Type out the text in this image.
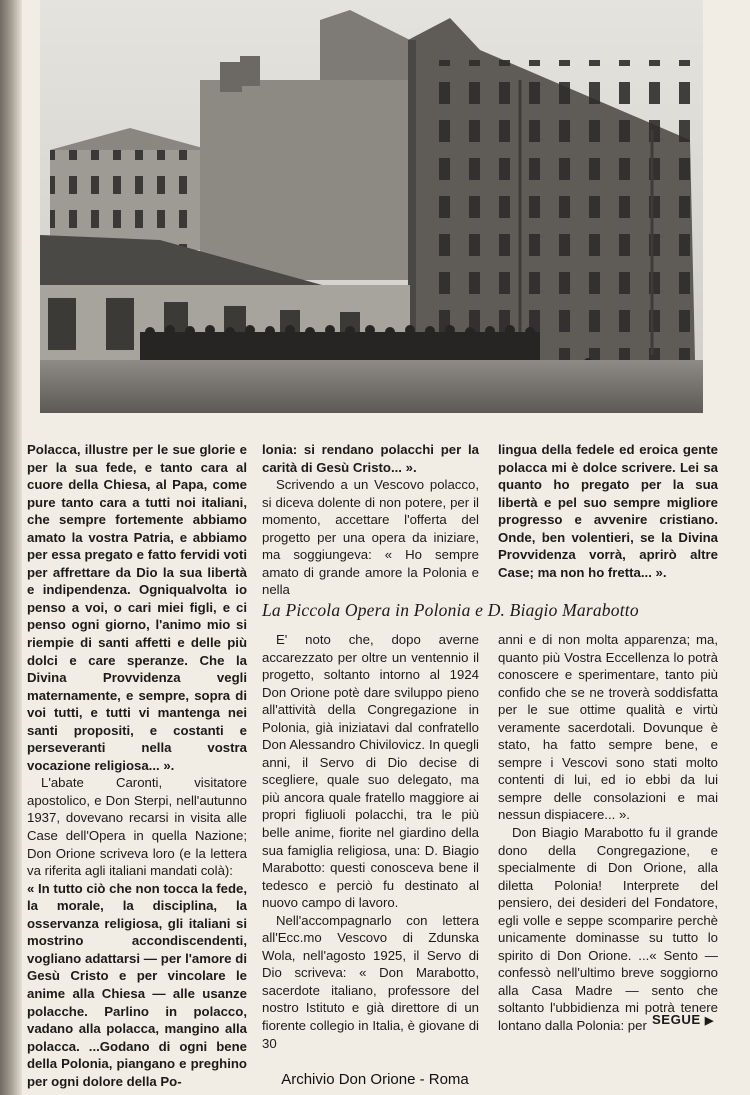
Polacca, illustre per le sue glorie e per la sua fede, e tanto cara al cuore della Chiesa, al Papa, come pure tanto cara a tutti noi italiani, che sempre fortemente abbiamo amato la vostra Patria, e abbiamo per essa pregato e fatto fervidi voti per affrettare da Dio la sua libertà e indipendenza. Ogniqualvolta io penso a voi, o cari miei figli, e ci penso ogni giorno, l'animo mio si riempie di santi affetti e delle più dolci e care speranze. Che la Divina Provvidenza vegli maternamente, e sempre, sopra di voi tutti, e tutti vi mantenga nei santi propositi, e costanti e perseveranti nella vostra vocazione religiosa... ».

L'abate Caronti, visitatore apostolico, e Don Sterpi, nell'autunno 1937, dovevano recarsi in visita alle Case dell'Opera in quella Nazione; Don Orione scriveva loro (e la lettera va riferita agli italiani mandati colà):

« In tutto ciò che non tocca la fede, la morale, la disciplina, la osservanza religiosa, gli italiani si mostrino accondiscendenti, vogliano adattarsi — per l'amore di Gesù Cristo e per vincolare le anime alla Chiesa — alle usanze polacche. Parlino in polacco, vadano alla polacca, mangino alla polacca. ...Godano di ogni bene della Polonia, piangano e preghino per ogni dolore della Po-

lonia: si rendano polacchi per la carità di Gesù Cristo... ».

Scrivendo a un Vescovo polacco, si diceva dolente di non potere, per il momento, accettare l'offerta del progetto per una opera da iniziare, ma soggiungeva: « Ho sempre amato di grande amore la Polonia e nella

lingua della fedele ed eroica gente polacca mi è dolce scrivere. Lei sa quanto ho pregato per la sua libertà e pel suo sempre migliore progresso e avvenire cristiano. Onde, ben volentieri, se la Divina Provvidenza vorrà, aprirò altre Case; ma non ho fretta... ».

La Piccola Opera in Polonia e D. Biagio Marabotto

E' noto che, dopo averne accarezzato per oltre un ventennio il progetto, soltanto intorno al 1924 Don Orione potè dare sviluppo pieno all'attività della Congregazione in Polonia, già iniziatavi dal confratello Don Alessandro Chivilovicz. In quegli anni, il Servo di Dio decise di scegliere, quale suo delegato, ma più ancora quale fratello maggiore ai propri figliuoli polacchi, tra le più belle anime, fiorite nel giardino della sua famiglia religiosa, una: D. Biagio Marabotto: questi conosceva bene il tedesco e perciò fu destinato al nuovo campo di lavoro.

Nell'accompagnarlo con lettera all'Ecc.mo Vescovo di Zdunska Wola, nell'agosto 1925, il Servo di Dio scriveva: « Don Marabotto, sacerdote italiano, professore del nostro Istituto e già direttore di un fiorente collegio in Italia, è giovane di 30

anni e di non molta apparenza; ma, quanto più Vostra Eccellenza lo potrà conoscere e sperimentare, tanto più confido che se ne troverà soddisfatta per le sue ottime qualità e virtù veramente sacerdotali. Dovunque è stato, ha fatto sempre bene, e sempre i Vescovi sono stati molto contenti di lui, ed io ebbi da lui sempre delle consolazioni e mai nessun dispiacere... ».

Don Biagio Marabotto fu il grande dono della Congregazione, e specialmente di Don Orione, alla diletta Polonia! Interprete del pensiero, dei desideri del Fondatore, egli volle e seppe scomparire perchè unicamente dominasse su tutto lo spirito di Don Orione. ...« Sento — confessò nell'ultimo breve soggiorno alla Casa Madre — sento che soltanto l'ubbidienza mi potrà tenere lontano dalla Polonia: per SEGUE ▶
Archivio Don Orione - Roma
